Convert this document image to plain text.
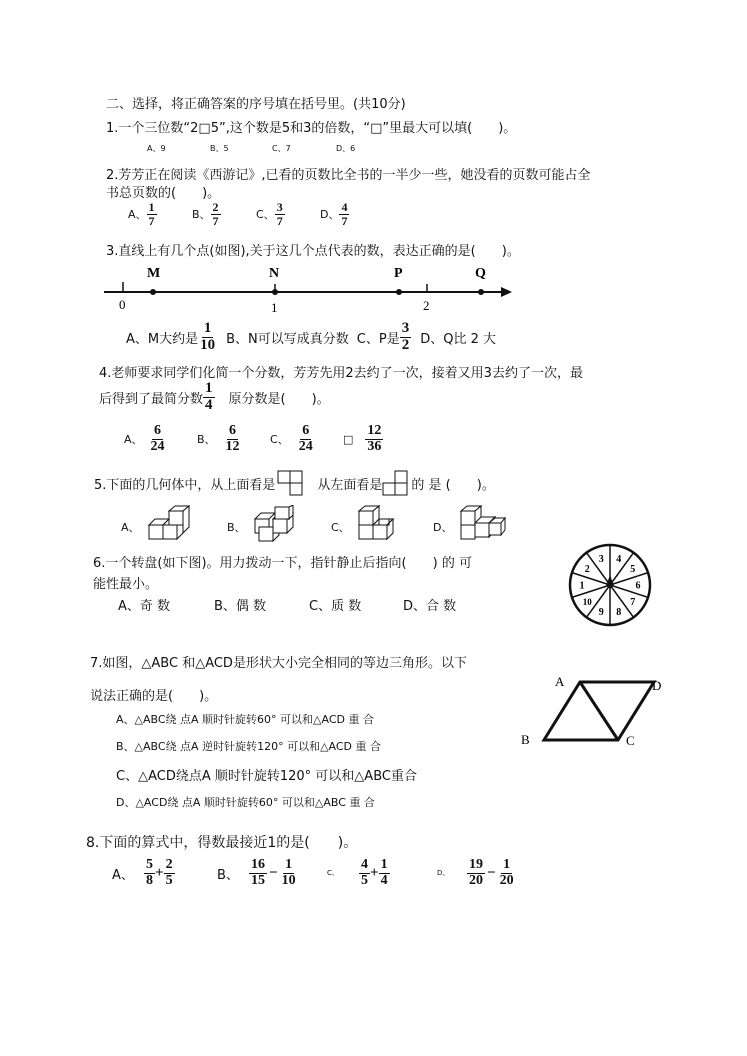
二、选择，将正确答案的序号填在括号里。(共10分)
1.一个三位数“2□5”,这个数是5和3的倍数，“□”里最大可以填(　　)。
A、9	B、5	C、7	D、6
2.芳芳正在阅读《西游记》,已看的页数比全书的一半少一些，她没看的页数可能占全
书总页数的(　　)。
A、 $\frac{1}{7}$	B、 $\frac{2}{7}$	C、 $\frac{3}{7}$	D、 $\frac{4}{7}$
3.直线上有几个点(如图),关于这几个点代表的数，表达正确的是(　　)。
M	N	P	Q
0	1	2
A、M大约是 $\frac{1}{10}$ B、N可以写成真分数 C、P是 $\frac{3}{2}$ D、Q比 2 大
4.老师要求同学们化简一个分数，芳芳先用2去约了一次，接着又用3去约了一次，最
后得到了最简分数 $\frac{1}{4}$ 原分数是(　　)。
A、 $\frac{6}{24}$	B、 $\frac{6}{12}$	C、 $\frac{6}{24}$	□ $\frac{12}{36}$
5.下面的几何体中，从上面看是	从左面看是 的 是 (　　)。
A、	B、	C、	D、
6.一个转盘(如下图)。用力拨动一下，指针静止后指向(　　) 的 可
能性最小。
A、奇 数	B、偶 数	C、质 数	D、合 数
1
2
3 4
5
6
7
8
9
10
7.如图，△ABC 和△ACD是形状大小完全相同的等边三角形。以下
说法正确的是(　　)。
A、△ABC绕 点A 顺时针旋转60° 可以和△ACD 重 合
B、△ABC绕 点A 逆时针旋转120° 可以和△ACD 重 合
C、△ACD绕点A 顺时针旋转120° 可以和△ABC重合
D、△ACD绕 点A 顺时针旋转60° 可以和△ABC 重 合
A	D
B	C
8.下面的算式中，得数最接近1的是(　　)。
A、 $\frac{5}{8} + \frac{2}{5}$	B、 $\frac{16}{15} - \frac{1}{10}$	C、	$\frac{4}{5} + \frac{1}{4}$	D、	$\frac{19}{20} - \frac{1}{20}$
